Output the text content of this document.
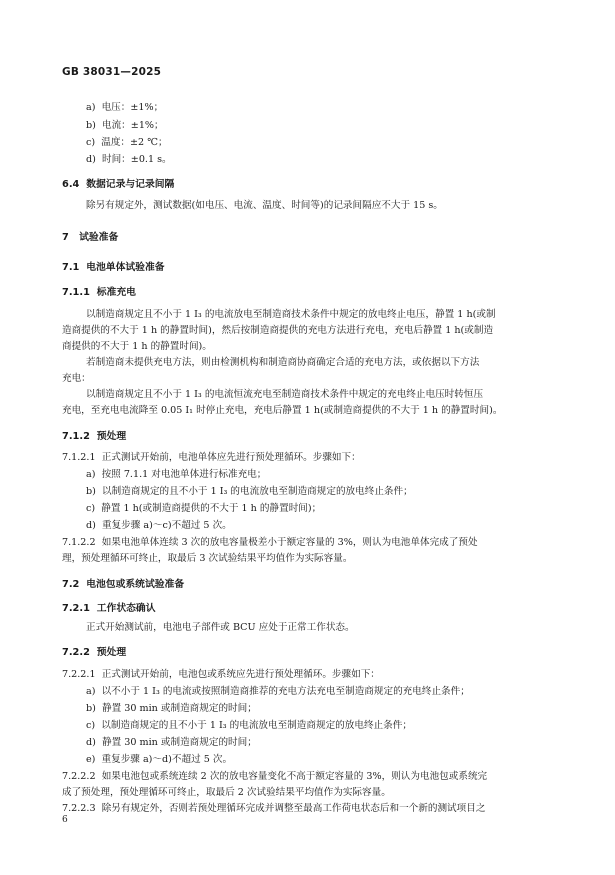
GB 38031—2025
a) 电压：±1%；
b) 电流：±1%；
c) 温度：±2 ℃；
d) 时间：±0.1 s。
6.4 数据记录与记录间隔
除另有规定外，测试数据(如电压、电流、温度、时间等)的记录间隔应不大于 15 s。
7 试验准备
7.1 电池单体试验准备
7.1.1 标准充电
以制造商规定且不小于 1 I₃ 的电流放电至制造商技术条件中规定的放电终止电压，静置 1 h(或制
造商提供的不大于 1 h 的静置时间)，然后按制造商提供的充电方法进行充电，充电后静置 1 h(或制造
商提供的不大于 1 h 的静置时间)。
若制造商未提供充电方法，则由检测机构和制造商协商确定合适的充电方法，或依据以下方法
充电：
以制造商规定且不小于 1 I₃ 的电流恒流充电至制造商技术条件中规定的充电终止电压时转恒压
充电，至充电电流降至 0.05 I₁ 时停止充电，充电后静置 1 h(或制造商提供的不大于 1 h 的静置时间)。
7.1.2 预处理
7.1.2.1 正式测试开始前，电池单体应先进行预处理循环。步骤如下：
a) 按照 7.1.1 对电池单体进行标准充电；
b) 以制造商规定的且不小于 1 I₃ 的电流放电至制造商规定的放电终止条件；
c) 静置 1 h(或制造商提供的不大于 1 h 的静置时间)；
d) 重复步骤 a)～c)不超过 5 次。
7.1.2.2 如果电池单体连续 3 次的放电容量极差小于额定容量的 3%，则认为电池单体完成了预处
理，预处理循环可终止，取最后 3 次试验结果平均值作为实际容量。
7.2 电池包或系统试验准备
7.2.1 工作状态确认
正式开始测试前，电池电子部件或 BCU 应处于正常工作状态。
7.2.2 预处理
7.2.2.1 正式测试开始前，电池包或系统应先进行预处理循环。步骤如下：
a) 以不小于 1 I₃ 的电流或按照制造商推荐的充电方法充电至制造商规定的充电终止条件；
b) 静置 30 min 或制造商规定的时间；
c) 以制造商规定的且不小于 1 I₃ 的电流放电至制造商规定的放电终止条件；
d) 静置 30 min 或制造商规定的时间；
e) 重复步骤 a)～d)不超过 5 次。
7.2.2.2 如果电池包或系统连续 2 次的放电容量变化不高于额定容量的 3%，则认为电池包或系统完
成了预处理，预处理循环可终止，取最后 2 次试验结果平均值作为实际容量。
7.2.2.3 除另有规定外，否则若预处理循环完成并调整至最高工作荷电状态后和一个新的测试项目之
6
